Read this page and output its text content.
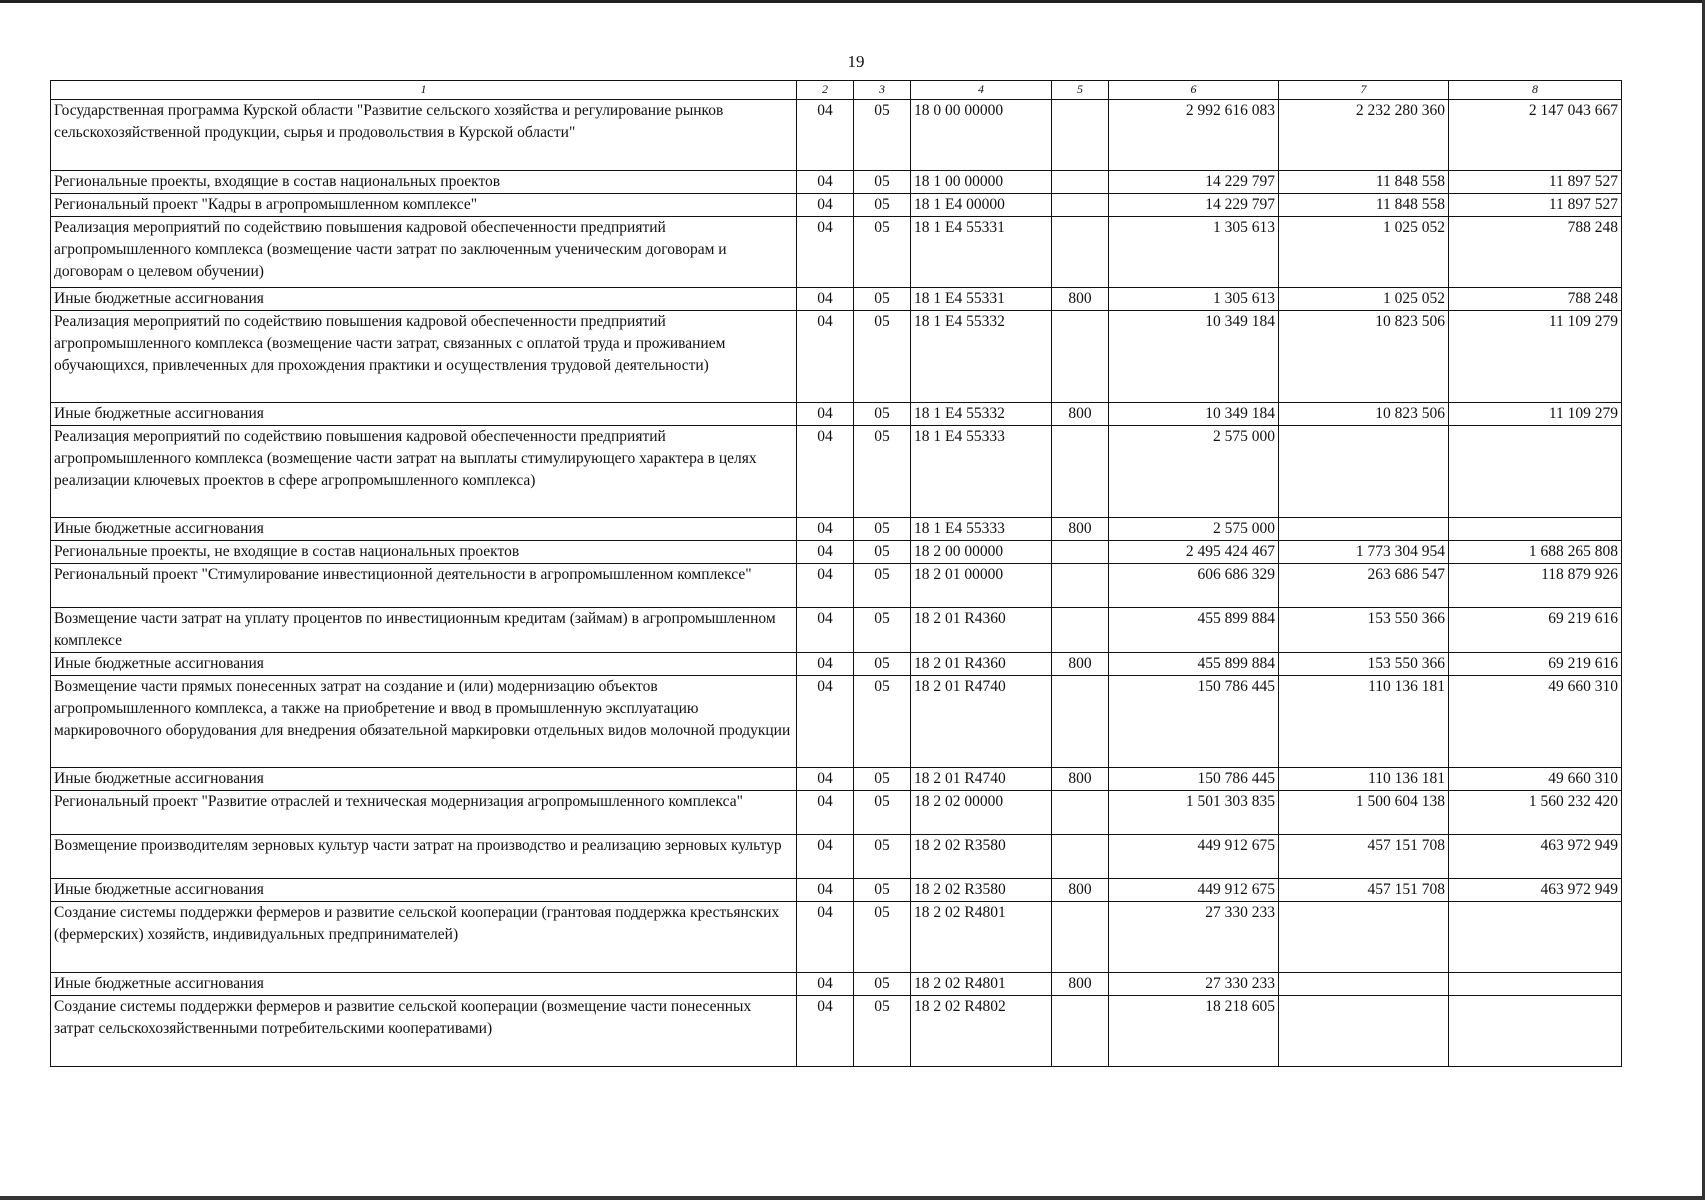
19
1	2	3	4	5	6	7	8
Государственная программа Курской области "Развитие сельского хозяйства и регулирование рынков сельскохозяйственной продукции, сырья и продовольствия в Курской области"	04	05	18 0 00 00000		2 992 616 083	2 232 280 360	2 147 043 667
Региональные проекты, входящие в состав национальных проектов	04	05	18 1 00 00000		14 229 797	11 848 558	11 897 527
Региональный проект "Кадры в агропромышленном комплексе"	04	05	18 1 E4 00000		14 229 797	11 848 558	11 897 527
Реализация мероприятий по содействию повышения кадровой обеспеченности предприятий агропромышленного комплекса (возмещение части затрат по заключенным ученическим договорам и договорам о целевом обучении)	04	05	18 1 E4 55331		1 305 613	1 025 052	788 248
Иные бюджетные ассигнования	04	05	18 1 E4 55331	800	1 305 613	1 025 052	788 248
Реализация мероприятий по содействию повышения кадровой обеспеченности предприятий агропромышленного комплекса (возмещение части затрат, связанных с оплатой труда и проживанием обучающихся, привлеченных для прохождения практики и осуществления трудовой деятельности)	04	05	18 1 E4 55332		10 349 184	10 823 506	11 109 279
Иные бюджетные ассигнования	04	05	18 1 E4 55332	800	10 349 184	10 823 506	11 109 279
Реализация мероприятий по содействию повышения кадровой обеспеченности предприятий агропромышленного комплекса (возмещение части затрат на выплаты стимулирующего характера в целях реализации ключевых проектов в сфере агропромышленного комплекса)	04	05	18 1 E4 55333		2 575 000		
Иные бюджетные ассигнования	04	05	18 1 E4 55333	800	2 575 000		
Региональные проекты, не входящие в состав национальных проектов	04	05	18 2 00 00000		2 495 424 467	1 773 304 954	1 688 265 808
Региональный проект "Стимулирование инвестиционной деятельности в агропромышленном комплексе"	04	05	18 2 01 00000		606 686 329	263 686 547	118 879 926
Возмещение части затрат на уплату процентов по инвестиционным кредитам (займам) в агропромышленном комплексе	04	05	18 2 01 R4360		455 899 884	153 550 366	69 219 616
Иные бюджетные ассигнования	04	05	18 2 01 R4360	800	455 899 884	153 550 366	69 219 616
Возмещение части прямых понесенных затрат на создание и (или) модернизацию объектов агропромышленного комплекса, а также на приобретение и ввод в промышленную эксплуатацию маркировочного оборудования для внедрения обязательной маркировки отдельных видов молочной продукции	04	05	18 2 01 R4740		150 786 445	110 136 181	49 660 310
Иные бюджетные ассигнования	04	05	18 2 01 R4740	800	150 786 445	110 136 181	49 660 310
Региональный проект "Развитие отраслей и техническая модернизация агропромышленного комплекса"	04	05	18 2 02 00000		1 501 303 835	1 500 604 138	1 560 232 420
Возмещение производителям зерновых культур части затрат на производство и реализацию зерновых культур	04	05	18 2 02 R3580		449 912 675	457 151 708	463 972 949
Иные бюджетные ассигнования	04	05	18 2 02 R3580	800	449 912 675	457 151 708	463 972 949
Создание системы поддержки фермеров и развитие сельской кооперации (грантовая поддержка крестьянских (фермерских) хозяйств, индивидуальных предпринимателей)	04	05	18 2 02 R4801		27 330 233		
Иные бюджетные ассигнования	04	05	18 2 02 R4801	800	27 330 233		
Создание системы поддержки фермеров и развитие сельской кооперации (возмещение части понесенных затрат сельскохозяйственными потребительскими кооперативами)	04	05	18 2 02 R4802		18 218 605		
